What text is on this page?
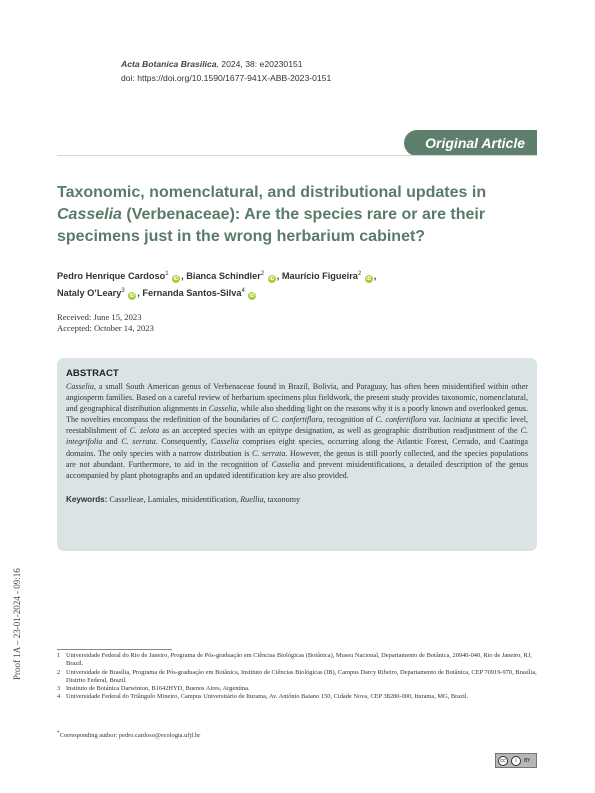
Acta Botanica Brasilica, 2024, 38: e20230151
doi: https://doi.org/10.1590/1677-941X-ABB-2023-0151
Original Article
Taxonomic, nomenclatural, and distributional updates in Casselia (Verbenaceae): Are the species rare or are their specimens just in the wrong herbarium cabinet?
Pedro Henrique Cardoso$^1$ iD , Bianca Schindler$^2$ iD , Maurício Figueira$^2$ iD ,
Nataly O’Leary$^3$ iD , Fernanda Santos-Silva$^4$ iD
Received: June 15, 2023
Accepted: October 14, 2023
ABSTRACT

Casselia, a small South American genus of Verbenaceae found in Brazil, Bolivia, and Paraguay, has often been misidentified within other angiosperm families. Based on a careful review of herbarium specimens plus fieldwork, the present study provides taxonomic, nomenclatural, and geographical distribution alignments in Casselia, while also shedding light on the reasons why it is a poorly known and overlooked genus. The novelties encompass the redefinition of the boundaries of C. confertiflora, recognition of C. confertiflora var. laciniata at specific level, reestablishment of C. zelota as an accepted species with an epitype designation, as well as geographic distribution readjustment of the C. integrifolia and C. serrata. Consequently, Casselia comprises eight species, occurring along the Atlantic Forest, Cerrado, and Caatinga domains. The only species with a narrow distribution is C. serrata. However, the genus is still poorly collected, and the species populations are not abundant. Furthermore, to aid in the recognition of Casselia and prevent misidentifications, a detailed description of the genus accompanied by plant photographs and an updated identification key are also provided.

Keywords: Casselieae, Lamiales, misidentification, Ruellia, taxonomy
Proof 1A – 23-01-2024 - 09:16	1 Universidade Federal do Rio de Janeiro, Programa de Pós-graduação em Ciências Biológicas (Botânica), Museu Nacional, Departamento de Botânica, 20940-040, Rio de Janeiro, RJ, Brazil.
2 Universidade de Brasília, Programa de Pós-graduação em Botânica, Instituto de Ciências Biológicas (IB), Campus Darcy Ribeiro, Departamento de Botânica, CEP 70919-970, Brasília, Distrito Federal, Brazil.
3 Instituto de Botánica Darwinion, B1642HYD, Buenos Aires, Argentina.
4 Universidade Federal do Triângulo Mineiro, Campus Universitário de Iturama, Av. Antônio Baiano 150, Cidade Nova, CEP 38280-000, Iturama, MG, Brazil.
*Corresponding author: pedro.cardoso@ecologia.ufjf.br
cc	i	BY
